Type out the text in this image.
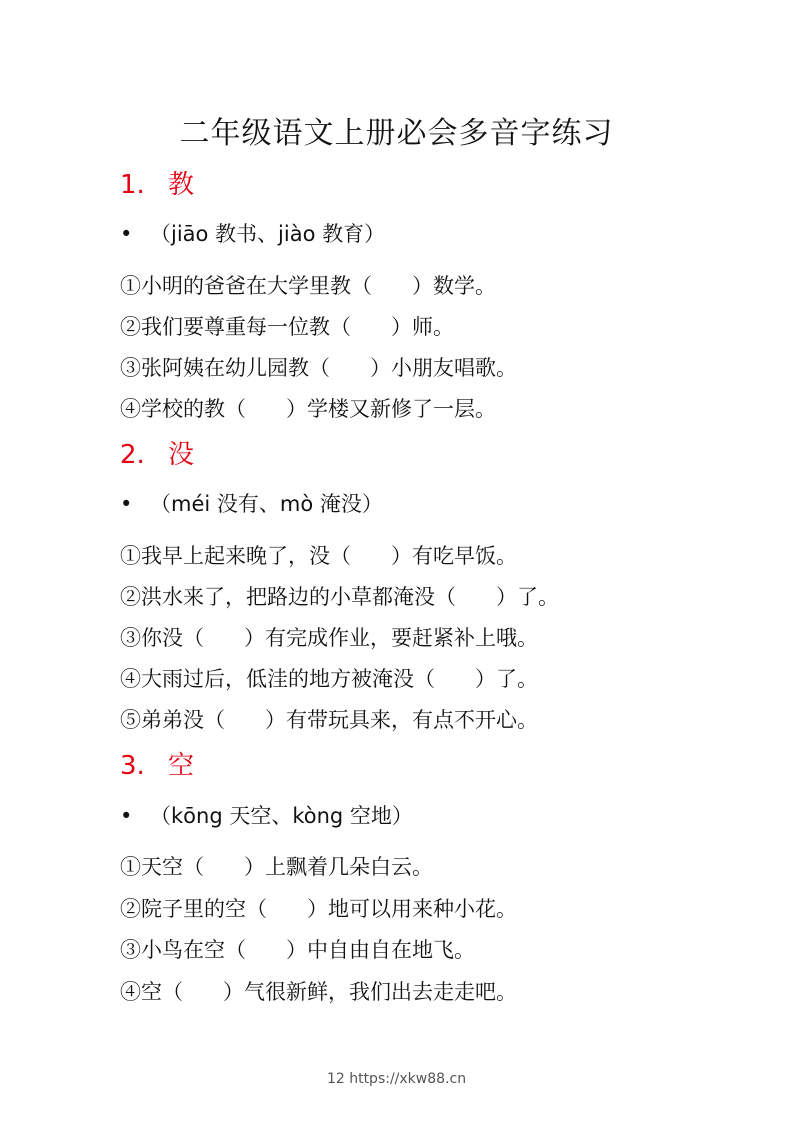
二年级语文上册必会多音字练习
1. 教
• （jiāo 教书、jiào 教育）
①小明的爸爸在大学里教（      ）数学。
②我们要尊重每一位教（      ）师。
③张阿姨在幼儿园教（      ）小朋友唱歌。
④学校的教（      ）学楼又新修了一层。
2. 没
• （méi 没有、mò 淹没）
①我早上起来晚了，没（      ）有吃早饭。
②洪水来了，把路边的小草都淹没（      ）了。
③你没（      ）有完成作业，要赶紧补上哦。
④大雨过后，低洼的地方被淹没（      ）了。
⑤弟弟没（      ）有带玩具来，有点不开心。
3. 空
• （kōng 天空、kòng 空地）
①天空（      ）上飘着几朵白云。
②院子里的空（      ）地可以用来种小花。
③小鸟在空（      ）中自由自在地飞。
④空（      ）气很新鲜，我们出去走走吧。
12 https://xkw88.cn
